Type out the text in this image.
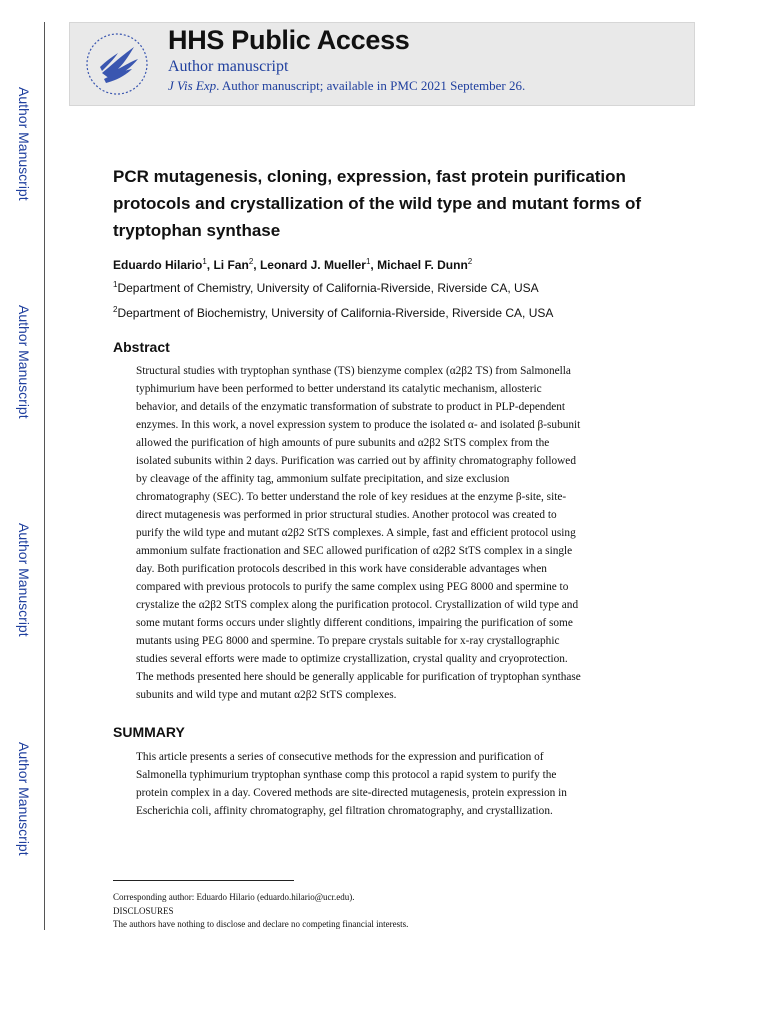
HHS Public Access
Author manuscript
J Vis Exp. Author manuscript; available in PMC 2021 September 26.
Author Manuscript
Author Manuscript
Author Manuscript
Author Manuscript
PCR mutagenesis, cloning, expression, fast protein purification protocols and crystallization of the wild type and mutant forms of tryptophan synthase
Eduardo Hilario$^1$, Li Fan$^2$, Leonard J. Mueller$^1$, Michael F. Dunn$^2$
$^1$Department of Chemistry, University of California-Riverside, Riverside CA, USA
$^2$Department of Biochemistry, University of California-Riverside, Riverside CA, USA
Abstract
Structural studies with tryptophan synthase (TS) bienzyme complex (α2β2 TS) from Salmonella
typhimurium have been performed to better understand its catalytic mechanism, allosteric
behavior, and details of the enzymatic transformation of substrate to product in PLP-dependent
enzymes. In this work, a novel expression system to produce the isolated α- and isolated β-subunit
allowed the purification of high amounts of pure subunits and α2β2 StTS complex from the
isolated subunits within 2 days. Purification was carried out by affinity chromatography followed
by cleavage of the affinity tag, ammonium sulfate precipitation, and size exclusion
chromatography (SEC). To better understand the role of key residues at the enzyme β-site, site-
direct mutagenesis was performed in prior structural studies. Another protocol was created to
purify the wild type and mutant α2β2 StTS complexes. A simple, fast and efficient protocol using
ammonium sulfate fractionation and SEC allowed purification of α2β2 StTS complex in a single
day. Both purification protocols described in this work have considerable advantages when
compared with previous protocols to purify the same complex using PEG 8000 and spermine to
crystalize the α2β2 StTS complex along the purification protocol. Crystallization of wild type and
some mutant forms occurs under slightly different conditions, impairing the purification of some
mutants using PEG 8000 and spermine. To prepare crystals suitable for x-ray crystallographic
studies several efforts were made to optimize crystallization, crystal quality and cryoprotection.
The methods presented here should be generally applicable for purification of tryptophan synthase
subunits and wild type and mutant α2β2 StTS complexes.
SUMMARY
This article presents a series of consecutive methods for the expression and purification of
Salmonella typhimurium tryptophan synthase comp this protocol a rapid system to purify the
protein complex in a day. Covered methods are site-directed mutagenesis, protein expression in
Escherichia coli, affinity chromatography, gel filtration chromatography, and crystallization.
Corresponding author: Eduardo Hilario (eduardo.hilario@ucr.edu).
DISCLOSURES
The authors have nothing to disclose and declare no competing financial interests.
